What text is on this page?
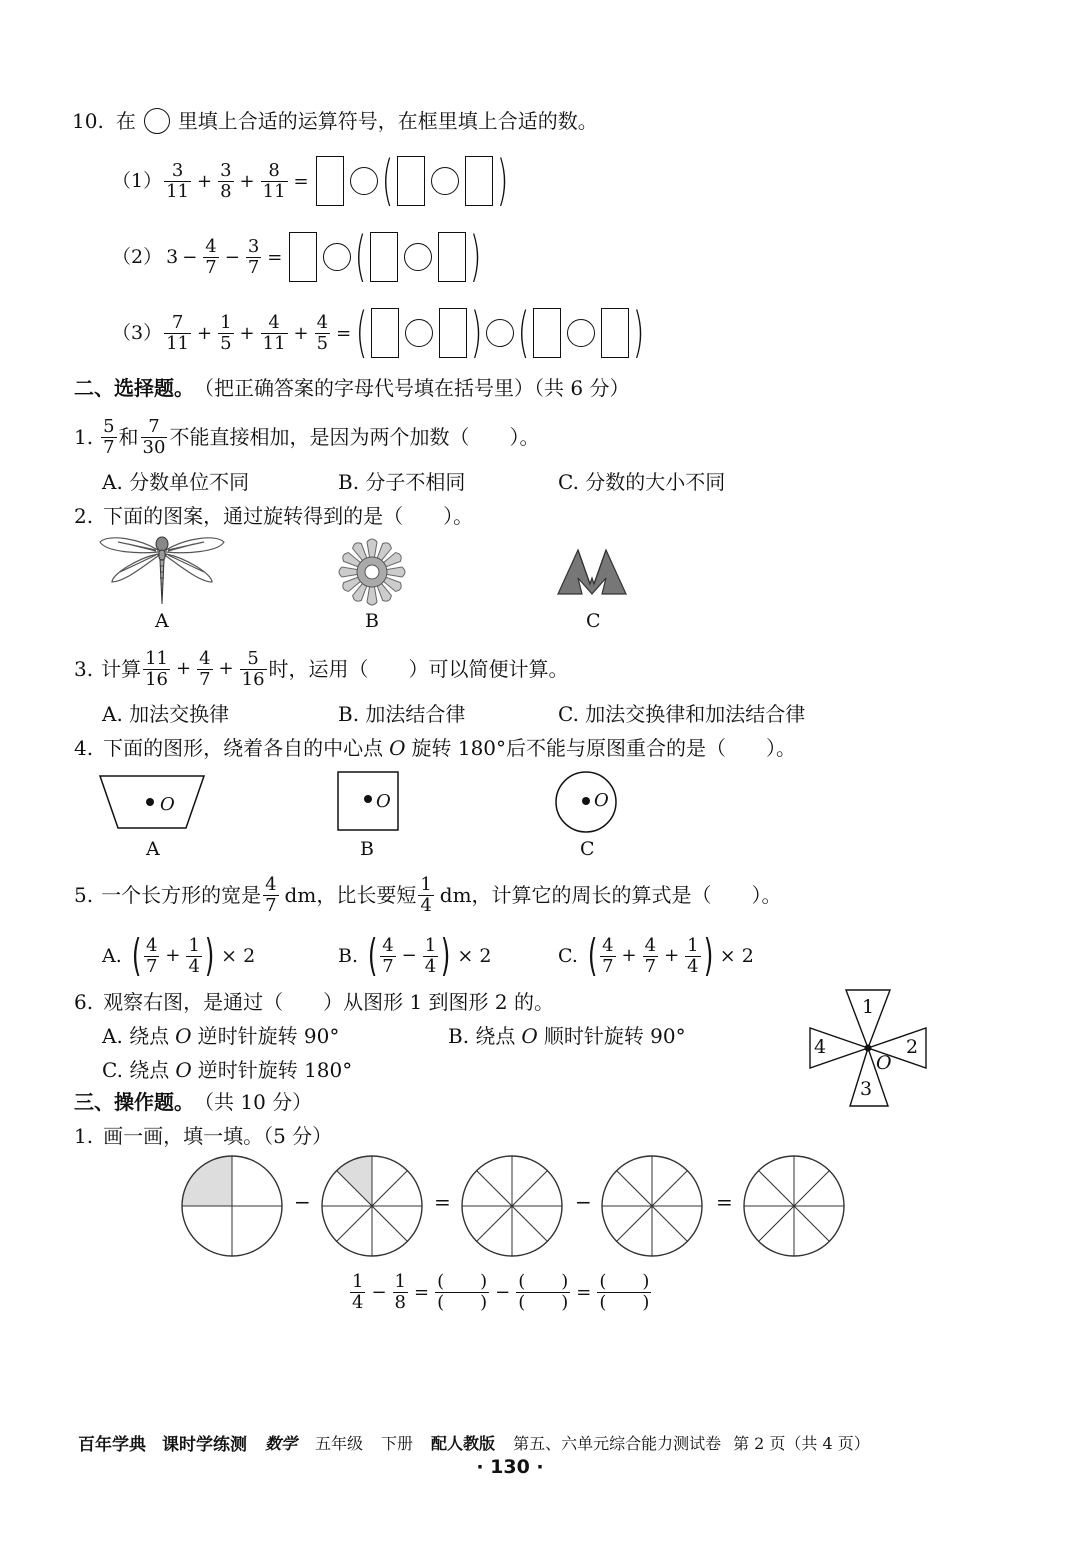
10. 在 里填上合适的运算符号，在框里填上合适的数。
（1） 3
$11 + \frac{3}{8} + \frac{8}{11}$ = ( )
（2） $3 - \frac{4}{7} - \frac{3}{7}$ = ( )
（3） 7
$11 + \frac{1}{5} + \frac{4}{11} + \frac{4}{5}$ = ( ) ( )
二、选择题。 （把正确答案的字母代号填在括号里）（共 6 分）
1. 5
7 和 7
30 不能直接相加，是因为两个加数（　　）。
A. 分数单位不同	B. 分子不相同	C. 分数的大小不同
2. 下面的图案，通过旋转得到的是（　　）。
A	B	C
3. 计算 11
$16 + \frac{4}{7} + \frac{5}{16}$ 时，运用（　　）可以简便计算。
A. 加法交换律	B. 加法结合律	C. 加法交换律和加法结合律
4. 下面的图形，绕着各自的中心点 O 旋转 180°后不能与原图重合的是（　　）。
O	O	O
A	B	C
5. 一个长方形的宽是 4
7 dm，比长要短 1
4 dm，计算它的周长的算式是（　　）。
A. ( 4
$7 + \frac{1}{4}$ ) × 2	B. ( 4
$7 - \frac{1}{4}$ ) × 2	C. ( 4
$7 + \frac{4}{7} + \frac{1}{4}$ ) × 2
6. 观察右图，是通过（　　）从图形 1 到图形 2 的。
A. 绕点 O 逆时针旋转 90°	B. 绕点 O 顺时针旋转 90°
C. 绕点 O 逆时针旋转 180°
1
2
3
4
O
三、操作题。 （共 10 分）
1. 画一画，填一填。（5 分）
−	=	−	=
1
$4 - \frac{1}{8}$ =
(　　)
(　　) −
(　　)
(　　) =
(　　)
(　　)
百年学典 课时学练测 数学 五年级 下册 配人教版 第五、六单元综合能力测试卷 第 2 页（共 4 页）
· 130 ·
